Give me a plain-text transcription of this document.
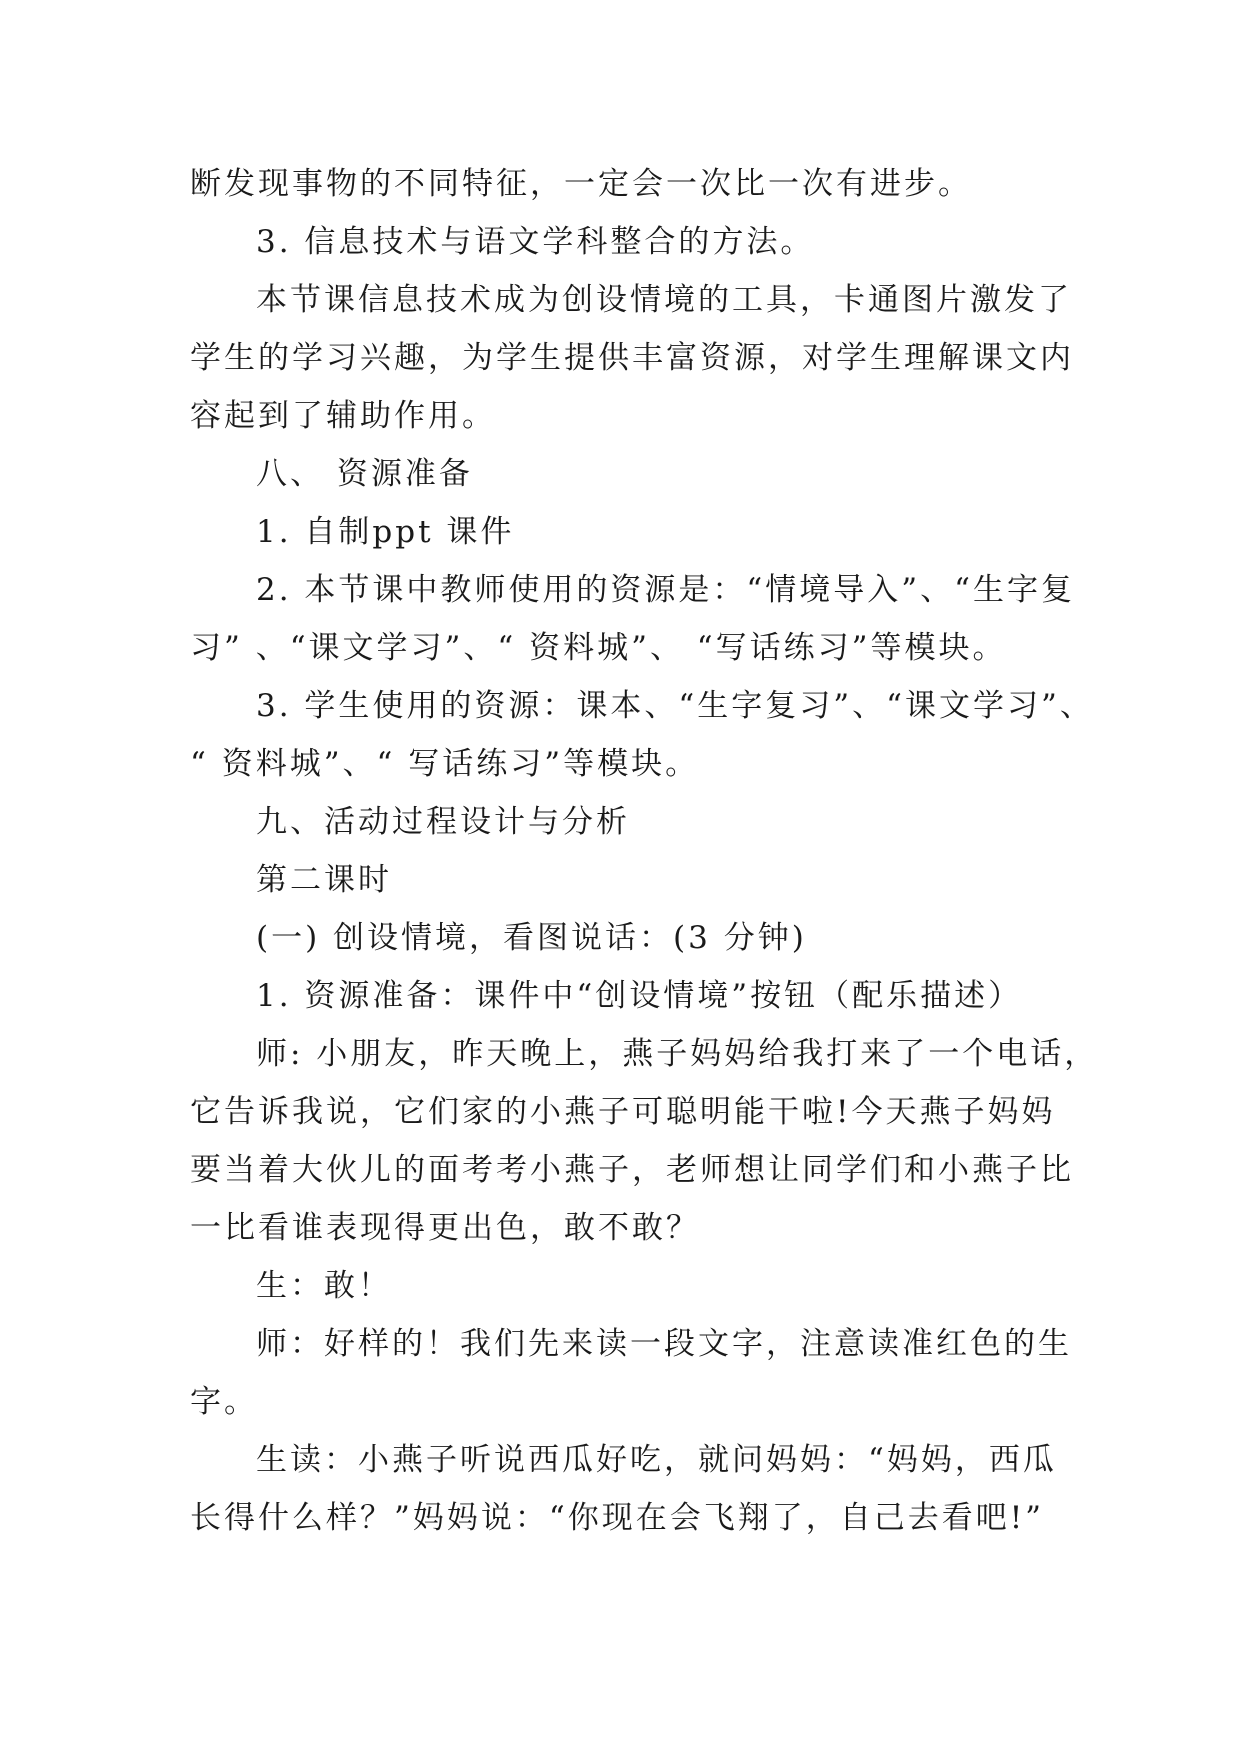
断发现事物的不同特征，一定会一次比一次有进步。
3. 信息技术与语文学科整合的方法。
本节课信息技术成为创设情境的工具，卡通图片激发了
学生的学习兴趣，为学生提供丰富资源，对学生理解课文内
容起到了辅助作用。
八、 资源准备
1. 自制ppt 课件
2. 本节课中教师使用的资源是：“情境导入”、“生字复
习” 、“课文学习”、“ 资料城”、 “写话练习”等模块。
3. 学生使用的资源：课本、“生字复习”、“课文学习”、
“ 资料城”、“ 写话练习”等模块。
九、活动过程设计与分析
第二课时
(一) 创设情境，看图说话：(3 分钟)
1. 资源准备：课件中“创设情境”按钮（配乐描述）
师: 小朋友，昨天晚上，燕子妈妈给我打来了一个电话，
它告诉我说，它们家的小燕子可聪明能干啦!今天燕子妈妈
要当着大伙儿的面考考小燕子，老师想让同学们和小燕子比
一比看谁表现得更出色，敢不敢？
生：敢！
师：好样的！我们先来读一段文字，注意读准红色的生
字。
生读：小燕子听说西瓜好吃，就问妈妈：“妈妈，西瓜
长得什么样？”妈妈说：“你现在会飞翔了，自己去看吧!”
